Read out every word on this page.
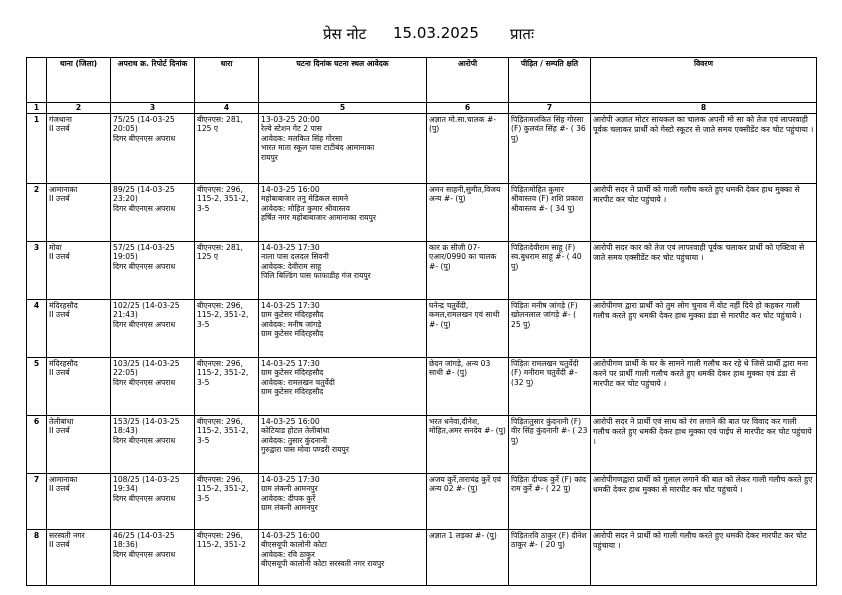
प्रेस नोट 15.03.2025 प्रातः
	थाना (जिला)	अपराध क्र. रिपोर्ट दिनांक	धारा	घटना दिनांक घटना स्थल आवेदक	आरोपी	पीड़ित / सम्पति क्षति	विवरण
1	2	3	4	5	6	7	8

1	गंजथाना
II उत्तर्ब	75/25 (14-03-25
20:05)
दिगर बीएनएस अपराध	बीएनएस: 281,
125 ए	13-03-25 20:00
रेल्वे स्टेशन गेट 2 पास
आवेदक: मलकित सिंह गोरसा
भारत माता स्कूल पास टाटीबंद आमानाका
रायपुर	अज्ञात मो.सा.चालक #- (पु)	पिड़ितःमलकित सिंह गोरसा (F) कुलवंत सिंह #- ( 36 पु)	आरोपी अज्ञात मोटर सायकल का चालक अपनी मो सा को तेज एवं लापरवाही पूर्वक चलाकर प्रार्थी को गेस्टो स्कूटर से जाते समय एक्सीडेंट कर चोट पहुंचाया ।

2	आमानाका
II उत्तर्ब	89/25 (14-03-25
23:20)
दिगर बीएनएस अपराध	बीएनएस: 296,
115-2, 351-2,
3-5	14-03-25 16:00
महोबाबाजार तनु मेडिकल सामने
आवेदक: मोहित कुमार श्रीवास्तव
हर्षित नगर महोबाबाजार आमानाका रायपुर	अमन साहनी,सुमीत,विजय अन्य #- (पु)	पिड़ितःमोहित कुमार श्रीवास्तव (F) शशि प्रकाश श्रीवास्तव #- ( 34 पु)	आरोपी सदर ने प्रार्थी को गाली गलौच करते हुए धमकी देकर हाथ मुक्का से मारपीट कर चोट पहुंचाये ।

3	मोवा
II उत्तर्ब	57/25 (14-03-25
19:05)
दिगर बीएनएस अपराध	बीएनएस: 281,
125 ए	14-03-25 17:30
नाला पास दलदल सिवनी
आवेदक: देवीराम साहू
पिलि बिल्डिंग पास फाफाडीह गंज रायपुर	कार क्र सीजी 07-एआर/0990 का चालक #- (पु)	पिड़ितःदेवीराम साहू (F) स्व.बुधराम साहू #- ( 40 पु)	आरोपी सदर कार को तेज एवं लापरवाही पूर्वक चलाकर प्रार्थी को एक्टिवा से जाते समय एक्सीडेंट कर चोट पहुंचाया ।

4	मंदिरहसौद
II उत्तर्ब	102/25 (14-03-25
21:43)
दिगर बीएनएस अपराध	बीएनएस: 296,
115-2, 351-2,
3-5	14-03-25 17:30
ग्राम कुटेसर मंदिरहसौद
आवेदक: मनीष जांगड़े
ग्राम कुटेसर मंदिरहसौद	घनेन्द्र चतुर्वेदी, कमल,रामलखन एवं साथी #- (पु)	पिड़ितः मनीष जांगड़े (F) खोलनलाल जांगड़े #- ( 25 पु)	आरोपीगण द्वारा प्रार्थी को तुम लोग चुनाव में वोट नहीं दिये हो कहकर गाली गलौच करते हुए धमकी देकर हाथ मुक्का डंडा से मारपीट कर चोट पहुंचाये ।

5	मंदिरहसौद
II उत्तर्ब	103/25 (14-03-25
22:05)
दिगर बीएनएस अपराध	बीएनएस: 296,
115-2, 351-2,
3-5	14-03-25 17:30
ग्राम कुटेसर मंदिरहसौद
आवेदक: रामलखन चतुर्वेदी
ग्राम कुटेसर मंदिरहसौद	छेदन जांगड़े, अन्य 03 साथी #- (पु)	पिड़ितः रामलखन चतुर्वेदी (F) मनीराम चतुर्वेदी #- (32 पु)	आरोपीगण प्रार्थी के घर के सामने गाली गलौच कर रहे थे जिसे प्रार्थी द्वारा मना करने पर प्रार्थी गाली गलौच करते हुए धमकी देकर हाथ मुक्का एवं डंडा से मारपीट कर चोट पहुंचाये ।

6	तेलीबांधा
II उत्तर्ब	153/25 (14-03-25
18:43)
दिगर बीएनएस अपराध	बीएनएस: 296,
115-2, 351-2,
3-5	14-03-25 16:00
कोटियाड होटल तेलीबांधा
आवेदक: तुसार कुंदनानी
गुरुद्वारा पास मोवा पण्डरी रायपुर	भरत धनेवा,दीनेश, मोहित,अमर सनदेव #- (पु)	पिड़ितःतुसार कुंदनानी (F) वीर सिंह कुंदनानी #- ( 23 पु)	आरोपी सदर ने प्रार्थी एवं साथ को रंग लगाने की बात पर विवाद कर गाली गलौच करते हुए धमकी देकर हाथ मुक्का एवं पाईप से मारपीट कर चोट पहुंचाये ।

7	आमानाका
II उत्तर्ब	108/25 (14-03-25
19:34)
दिगर बीएनएस अपराध	बीएनएस: 296,
115-2, 351-2,
3-5	14-03-25 17:30
ग्राम लंकनी आमनपुर
आवेदक: दीपक कुर्रे
ग्राम लंकनी आमनपुर	अजय कुर्रे,ताराचंद्र कुर्रे एवं अन्य 02 #- (पु)	पिड़ितः दीपक कुर्रे (F) कांद राम कुर्रे #- ( 22 पु)	आरोपीगणद्वारा प्रार्थी को गुलाल लगाने की बात को लेकर गाली गलौच करते हुए धमकी देकर हाथ मुक्का से मारपीट कर चोट पहुंचाये ।

8	सरस्वती नगर
II उत्तर्ब	46/25 (14-03-25
18:36)
दिगर बीएनएस अपराध	बीएनएस: 296,
115-2, 351-2	14-03-25 16:00
बीएसयूपी कालोनी कोटा
आवेदक: रवि ठाकुर
बीएसयूपी कालोनी कोटा सरस्वती नगर रायपुर	अज्ञात 1 लड़का #- (पु)	पिड़ितःरवि ठाकुर (F) दीनेश ठाकुर #- ( 20 पु)	आरोपी सदर ने प्रार्थी को गाली गलौच करते हुए धमकी देकर मारपीट कर चोट पहुंचाया ।
